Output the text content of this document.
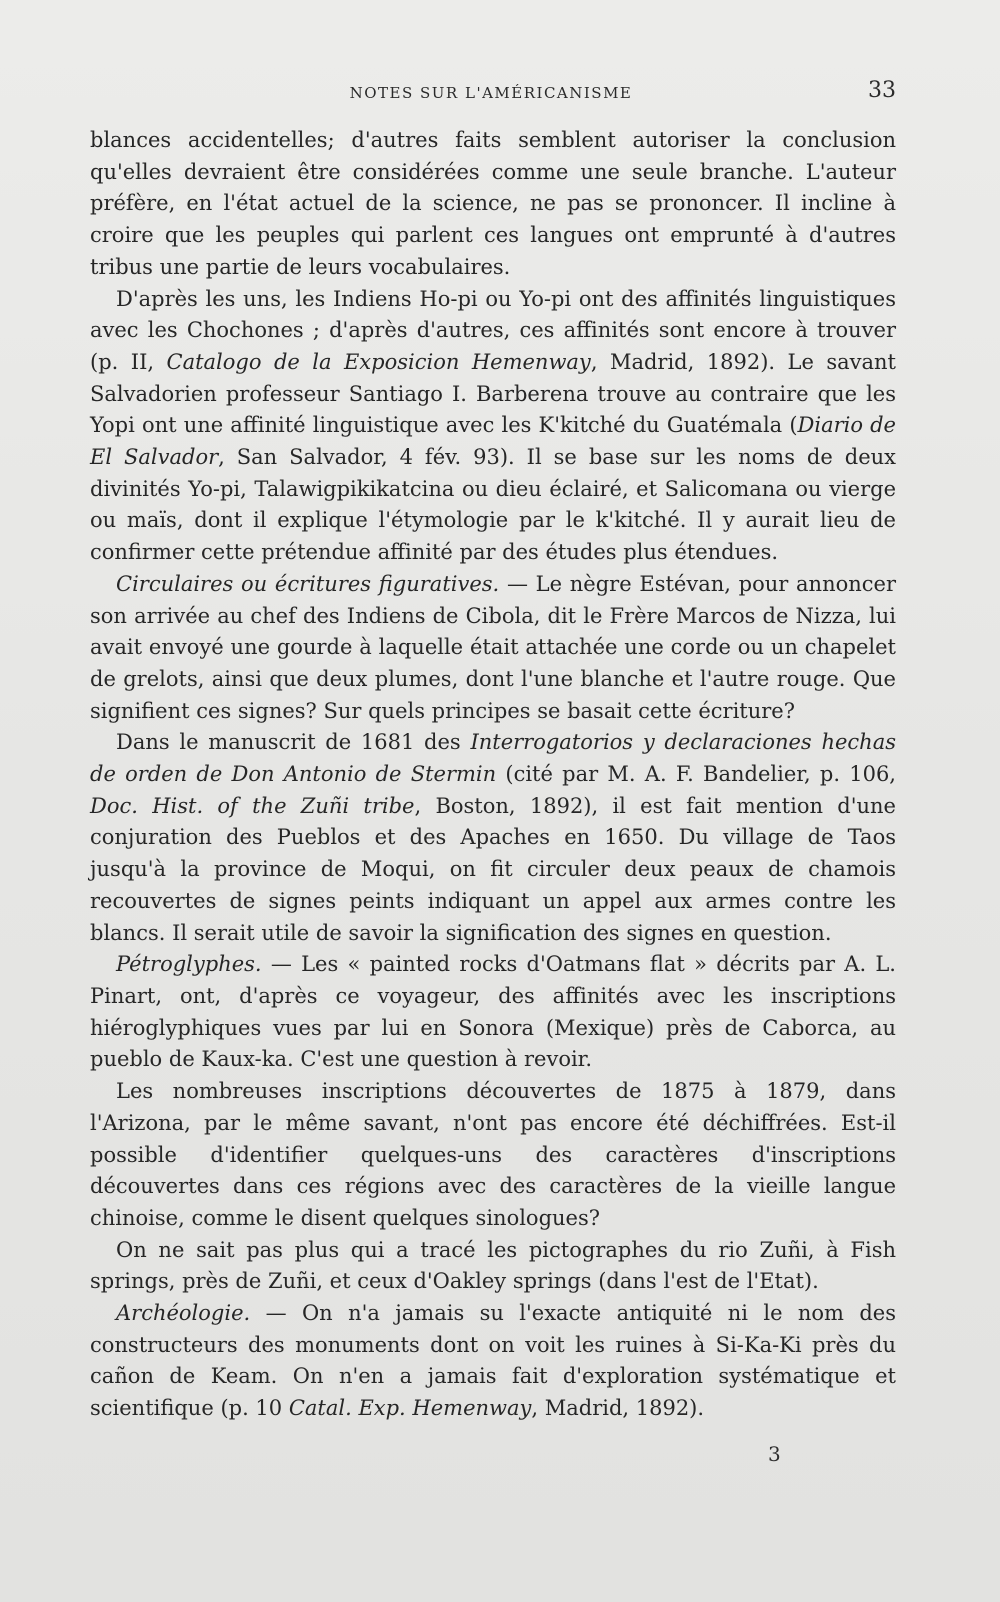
NOTES SUR L'AMÉRICANISME	33

blances accidentelles; d'autres faits semblent autoriser la conclusion qu'elles devraient être considérées comme une seule branche. L'auteur préfère, en l'état actuel de la science, ne pas se prononcer. Il incline à croire que les peuples qui parlent ces langues ont emprunté à d'autres tribus une partie de leurs vocabulaires.

D'après les uns, les Indiens Ho-pi ou Yo-pi ont des affinités linguistiques avec les Chochones ; d'après d'autres, ces affinités sont encore à trouver (p. II, Catalogo de la Exposicion Hemenway, Madrid, 1892). Le savant Salvadorien professeur Santiago I. Barberena trouve au contraire que les Yopi ont une affinité linguistique avec les K'kitché du Guatémala (Diario de El Salvador, San Salvador, 4 fév. 93). Il se base sur les noms de deux divinités Yo-pi, Talawigpikikatcina ou dieu éclairé, et Salicomana ou vierge ou maïs, dont il explique l'étymologie par le k'kitché. Il y aurait lieu de confirmer cette prétendue affinité par des études plus étendues.

Circulaires ou écritures figuratives. — Le nègre Estévan, pour annoncer son arrivée au chef des Indiens de Cibola, dit le Frère Marcos de Nizza, lui avait envoyé une gourde à laquelle était attachée une corde ou un chapelet de grelots, ainsi que deux plumes, dont l'une blanche et l'autre rouge. Que signifient ces signes? Sur quels principes se basait cette écriture?

Dans le manuscrit de 1681 des Interrogatorios y declaraciones hechas de orden de Don Antonio de Stermin (cité par M. A. F. Bandelier, p. 106, Doc. Hist. of the Zuñi tribe, Boston, 1892), il est fait mention d'une conjuration des Pueblos et des Apaches en 1650. Du village de Taos jusqu'à la province de Moqui, on fit circuler deux peaux de chamois recouvertes de signes peints indiquant un appel aux armes contre les blancs. Il serait utile de savoir la signification des signes en question.

Pétroglyphes. — Les « painted rocks d'Oatmans flat » décrits par A. L. Pinart, ont, d'après ce voyageur, des affinités avec les inscriptions hiéroglyphiques vues par lui en Sonora (Mexique) près de Caborca, au pueblo de Kaux-ka. C'est une question à revoir.

Les nombreuses inscriptions découvertes de 1875 à 1879, dans l'Arizona, par le même savant, n'ont pas encore été déchiffrées. Est-il possible d'identifier quelques-uns des caractères d'inscriptions découvertes dans ces régions avec des caractères de la vieille langue chinoise, comme le disent quelques sinologues?

On ne sait pas plus qui a tracé les pictographes du rio Zuñi, à Fish springs, près de Zuñi, et ceux d'Oakley springs (dans l'est de l'Etat).

Archéologie. — On n'a jamais su l'exacte antiquité ni le nom des constructeurs des monuments dont on voit les ruines à Si-Ka-Ki près du cañon de Keam. On n'en a jamais fait d'exploration systématique et scientifique (p. 10 Catal. Exp. Hemenway, Madrid, 1892).

3
